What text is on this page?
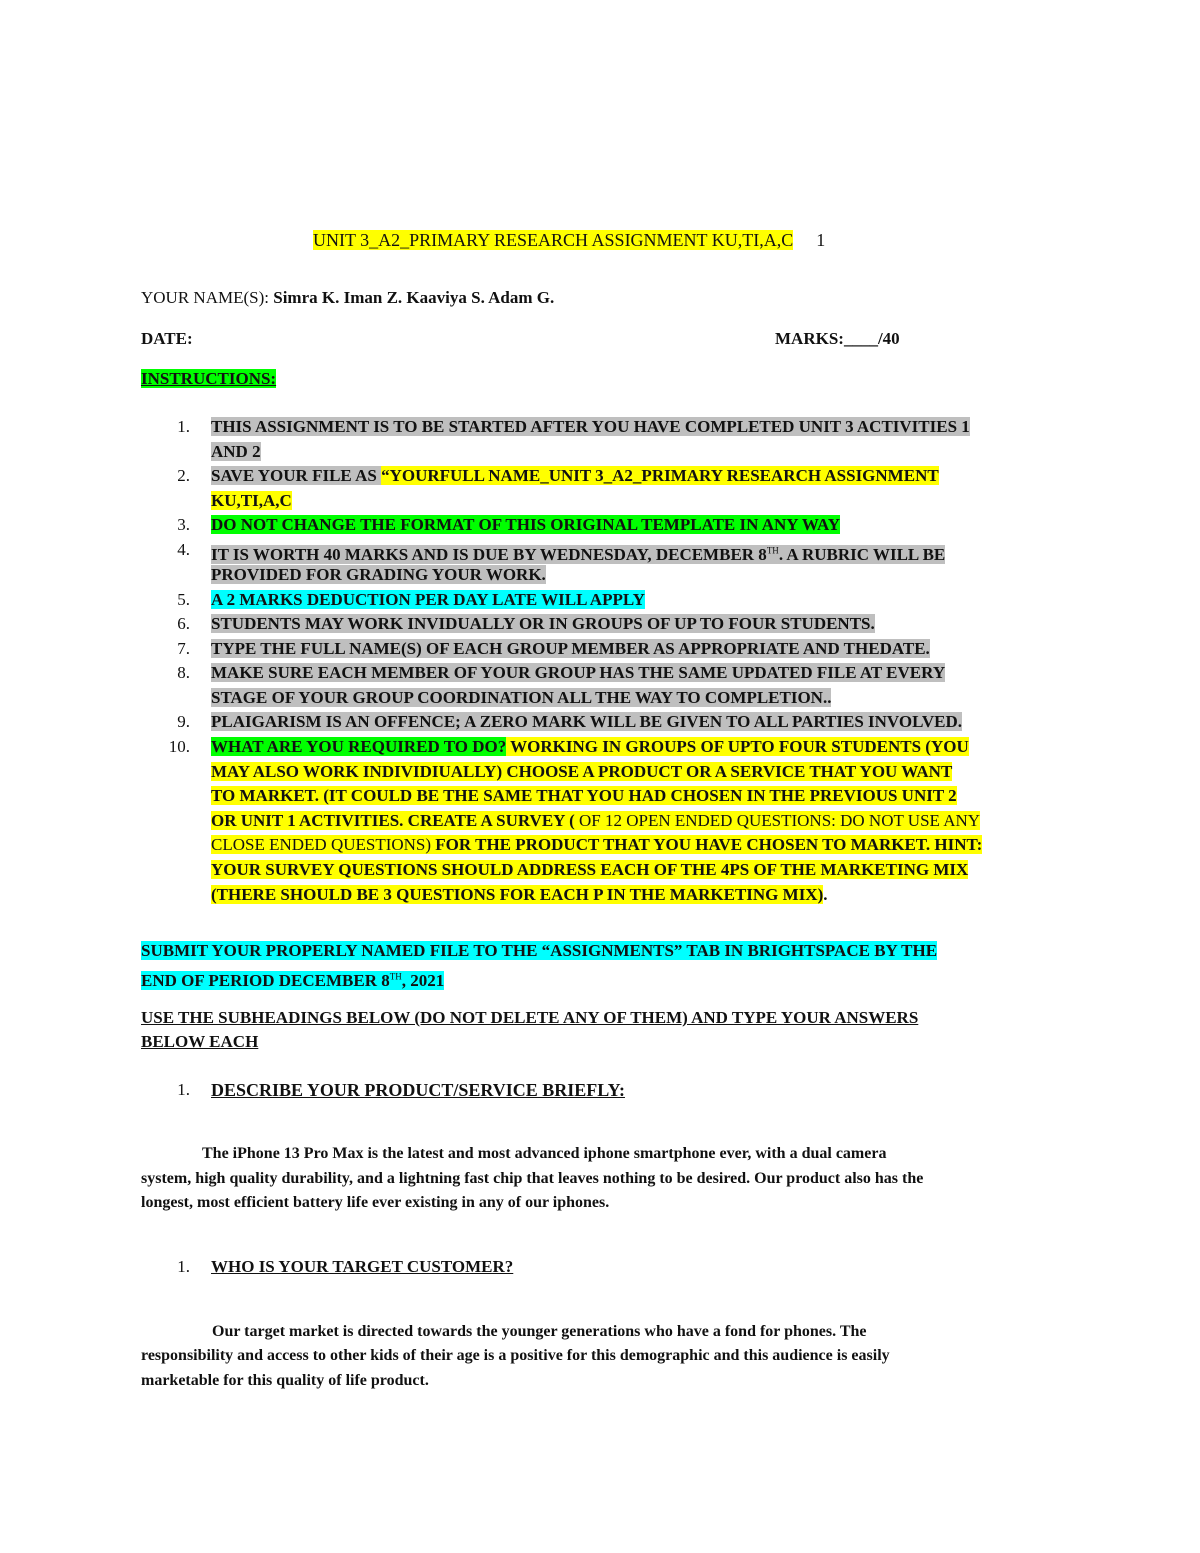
UNIT 3_A2_PRIMARY RESEARCH ASSIGNMENT KU,TI,A,C 1
YOUR NAME(S): Simra K. Iman Z. Kaaviya S. Adam G.
DATE:	MARKS:____/40
INSTRUCTIONS:
1. THIS ASSIGNMENT IS TO BE STARTED AFTER YOU HAVE COMPLETED UNIT 3 ACTIVITIES 1
AND 2
2. SAVE YOUR FILE AS “YOURFULL NAME_UNIT 3_A2_PRIMARY RESEARCH ASSIGNMENT
KU,TI,A,C
3. DO NOT CHANGE THE FORMAT OF THIS ORIGINAL TEMPLATE IN ANY WAY
4. IT IS WORTH 40 MARKS AND IS DUE BY WEDNESDAY, DECEMBER 8TH. A RUBRIC WILL BE
PROVIDED FOR GRADING YOUR WORK.
5. A 2 MARKS DEDUCTION PER DAY LATE WILL APPLY
6. STUDENTS MAY WORK INVIDUALLY OR IN GROUPS OF UP TO FOUR STUDENTS.
7. TYPE THE FULL NAME(S) OF EACH GROUP MEMBER AS APPROPRIATE AND THEDATE.
8. MAKE SURE EACH MEMBER OF YOUR GROUP HAS THE SAME UPDATED FILE AT EVERY
STAGE OF YOUR GROUP COORDINATION ALL THE WAY TO COMPLETION..
9. PLAIGARISM IS AN OFFENCE; A ZERO MARK WILL BE GIVEN TO ALL PARTIES INVOLVED.
10. WHAT ARE YOU REQUIRED TO DO? WORKING IN GROUPS OF UPTO FOUR STUDENTS (YOU
MAY ALSO WORK INDIVIDIUALLY) CHOOSE A PRODUCT OR A SERVICE THAT YOU WANT
TO MARKET. (IT COULD BE THE SAME THAT YOU HAD CHOSEN IN THE PREVIOUS UNIT 2
OR UNIT 1 ACTIVITIES. CREATE A SURVEY ( OF 12 OPEN ENDED QUESTIONS: DO NOT USE ANY
CLOSE ENDED QUESTIONS) FOR THE PRODUCT THAT YOU HAVE CHOSEN TO MARKET. HINT:
YOUR SURVEY QUESTIONS SHOULD ADDRESS EACH OF THE 4PS OF THE MARKETING MIX
(THERE SHOULD BE 3 QUESTIONS FOR EACH P IN THE MARKETING MIX).
SUBMIT YOUR PROPERLY NAMED FILE TO THE “ASSIGNMENTS” TAB IN BRIGHTSPACE BY THE
END OF PERIOD DECEMBER 8TH, 2021
USE THE SUBHEADINGS BELOW (DO NOT DELETE ANY OF THEM) AND TYPE YOUR ANSWERS
BELOW EACH
1. DESCRIBE YOUR PRODUCT/SERVICE BRIEFLY:
The iPhone 13 Pro Max is the latest and most advanced iphone smartphone ever, with a dual camera
system, high quality durability, and a lightning fast chip that leaves nothing to be desired. Our product also has the
longest, most efficient battery life ever existing in any of our iphones.
1. WHO IS YOUR TARGET CUSTOMER?
Our target market is directed towards the younger generations who have a fond for phones. The
responsibility and access to other kids of their age is a positive for this demographic and this audience is easily
marketable for this quality of life product.
